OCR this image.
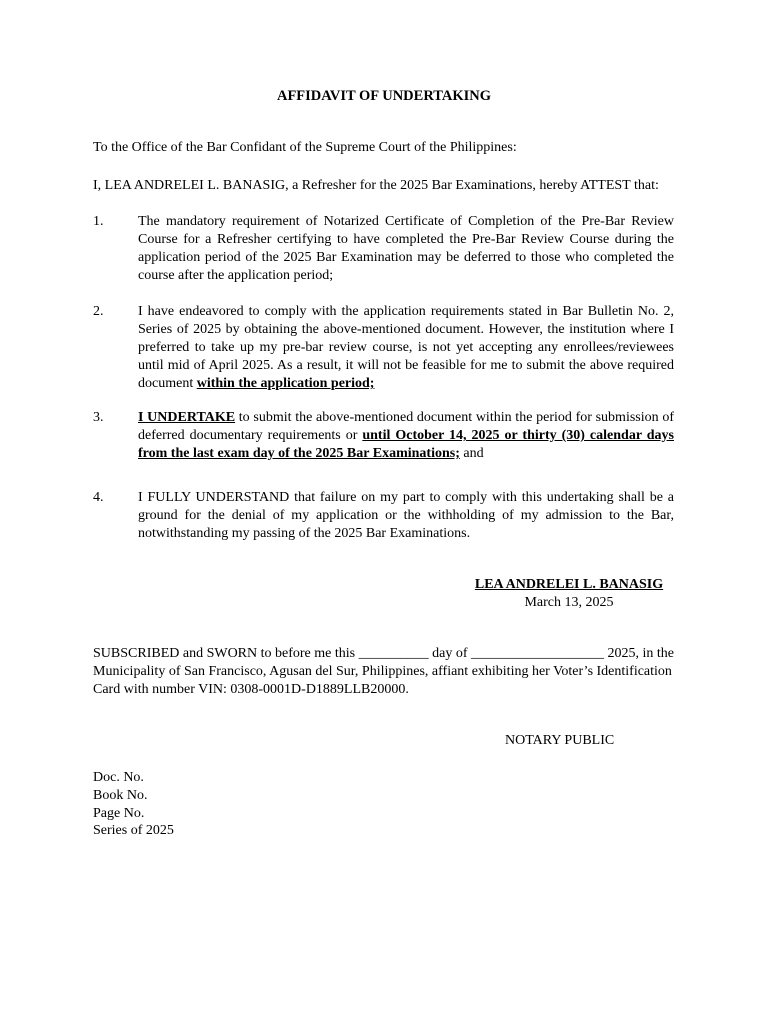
AFFIDAVIT OF UNDERTAKING
To the Office of the Bar Confidant of the Supreme Court of the Philippines:
I, LEA ANDRELEI L. BANASIG, a Refresher for the 2025 Bar Examinations, hereby ATTEST that:
1.	The mandatory requirement of Notarized Certificate of Completion of the Pre-Bar Review Course for a Refresher certifying to have completed the Pre-Bar Review Course during the application period of the 2025 Bar Examination may be deferred to those who completed the course after the application period;
2.	I have endeavored to comply with the application requirements stated in Bar Bulletin No. 2, Series of 2025 by obtaining the above-mentioned document. However, the institution where I preferred to take up my pre-bar review course, is not yet accepting any enrollees/reviewees until mid of April 2025. As a result, it will not be feasible for me to submit the above required document within the application period;
3.	I UNDERTAKE to submit the above-mentioned document within the period for submission of deferred documentary requirements or until October 14, 2025 or thirty (30) calendar days from the last exam day of the 2025 Bar Examinations; and
4.	I FULLY UNDERSTAND that failure on my part to comply with this undertaking shall be a ground for the denial of my application or the withholding of my admission to the Bar, notwithstanding my passing of the 2025 Bar Examinations.
LEA ANDRELEI L. BANASIG
March 13, 2025
SUBSCRIBED and SWORN to before me this __________ day of ___________________ 2025, in the Municipality of San Francisco, Agusan del Sur, Philippines, affiant exhibiting her Voter’s Identification Card with number VIN: 0308-0001D-D1889LLB20000.
NOTARY PUBLIC
Doc. No.
Book No.
Page No.
Series of 2025
